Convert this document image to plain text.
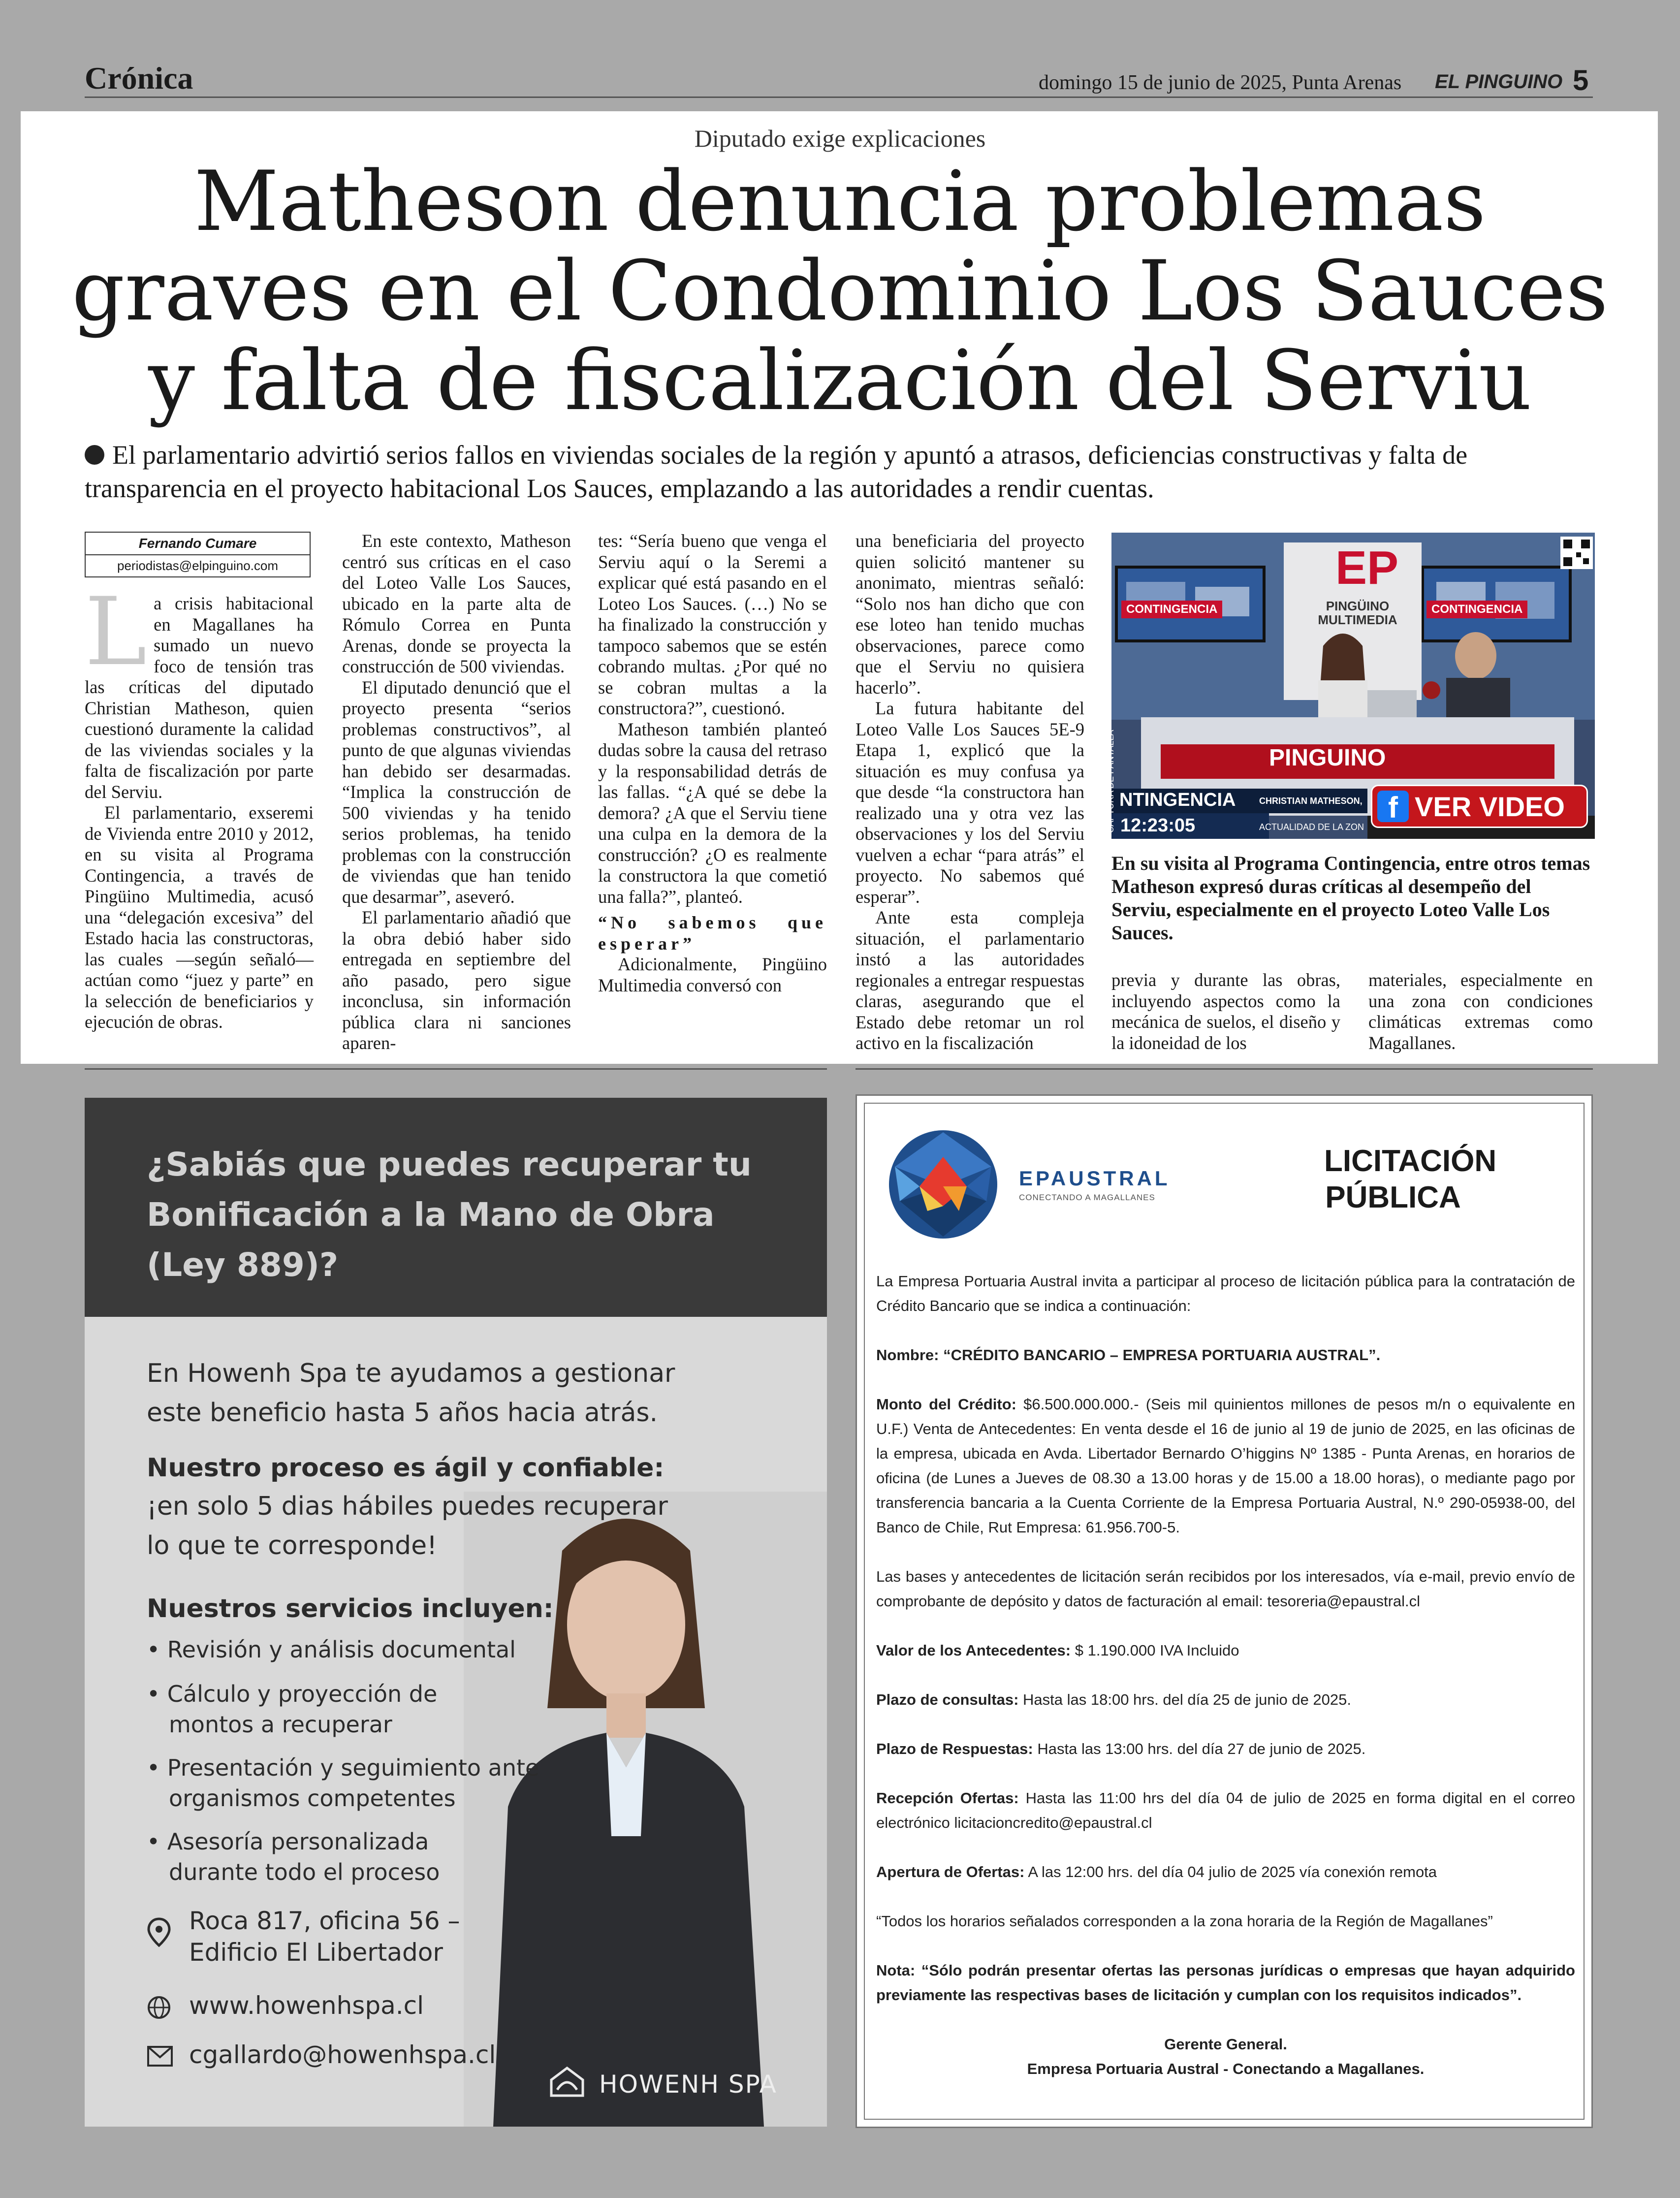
Crónica	domingo 15 de junio de 2025, Punta Arenas EL PINGUINO 5
Diputado exige explicaciones
Matheson denuncia problemas graves en el Condominio Los Sauces y falta de fiscalización del Serviu
El parlamentario advirtió serios fallos en viviendas sociales de la región y apuntó a atrasos, deficiencias constructivas y falta de transparencia en el proyecto habitacional Los Sauces, emplazando a las autoridades a rendir cuentas.
Fernando Cumare
periodistas@elpinguino.com
L a crisis habitacional en Magallanes ha sumado un nuevo foco de tensión tras las críticas del diputado Christian Matheson, quien cuestionó duramente la calidad de las viviendas sociales y la falta de fiscalización por parte del Serviu.

El parlamentario, exseremi de Vivienda entre 2010 y 2012, en su visita al Programa Contingencia, a través de Pingüino Multimedia, acusó una “delegación excesiva” del Estado hacia las constructoras, las cuales —según señaló— actúan como “juez y parte” en la selección de beneficiarios y ejecución de obras.

En este contexto, Matheson centró sus críticas en el caso del Loteo Valle Los Sauces, ubicado en la parte alta de Rómulo Correa en Punta Arenas, donde se proyecta la construcción de 500 viviendas.

El diputado denunció que el proyecto presenta “serios problemas constructivos”, al punto de que algunas viviendas han debido ser desarmadas. “Implica la construcción de 500 viviendas y ha tenido serios problemas, ha tenido problemas con la construcción de viviendas que han tenido que desarmar”, aseveró.

El parlamentario añadió que la obra debió haber sido entregada en septiembre del año pasado, pero sigue inconclusa, sin información pública clara ni sanciones aparen-

tes: “Sería bueno que venga el Serviu aquí o la Seremi a explicar qué está pasando en el Loteo Los Sauces. (…) No se ha finalizado la construcción y tampoco sabemos que se estén cobrando multas. ¿Por qué no se cobran multas a la constructora?”, cuestionó.

Matheson también planteó dudas sobre la causa del retraso y la responsabilidad detrás de las fallas. “¿A qué se debe la demora? ¿A que el Serviu tiene una culpa en la demora de la construcción? ¿O es realmente la constructora la que cometió una falla?”, planteó.

“No sabemos que esperar”

Adicionalmente, Pingüino Multimedia conversó con

una beneficiaria del proyecto quien solicitó mantener su anonimato, mientras señaló: “Solo nos han dicho que con ese loteo han tenido muchas observaciones, parece como que el Serviu no quisiera hacerlo”.

La futura habitante del Loteo Valle Los Sauces 5E-9 Etapa 1, explicó que la situación es muy confusa ya que desde “la constructora han realizado una y otra vez las observaciones y los del Serviu vuelven a echar “para atrás” el proyecto. No sabemos qué esperar”.

Ante esta compleja situación, el parlamentario instó a las autoridades regionales a entregar respuestas claras, asegurando que el Estado debe retomar un rol activo en la fiscalización

previa y durante las obras, incluyendo aspectos como la mecánica de suelos, el diseño y la idoneidad de los

materiales, especialmente en una zona con condiciones climáticas extremas como Magallanes.

EP
PINGÜINO
MULTIMEDIA
CONTINGENCIA	CONTINGENCIA
PINGUINO
NTINGENCIA	CHRISTIAN MATHESON,
12:23:05	ACTUALIDAD DE LA ZON
CAPTURA DE PANTALLA	f VER VIDEO
En su visita al Programa Contingencia, entre otros temas Matheson expresó duras críticas al desempeño del Serviu, especialmente en el proyecto Loteo Valle Los Sauces.
¿Sabiás que puedes recuperar tu Bonificación a la Mano de Obra (Ley 889)?
En Howenh Spa te ayudamos a gestionar
este beneficio hasta 5 años hacia atrás.
Nuestro proceso es ágil y confiable:
¡en solo 5 dias hábiles puedes recuperar
lo que te corresponde!
Nuestros servicios incluyen:
• Revisión y análisis documental
• Cálculo y proyección de montos a recuperar
• Presentación y seguimiento ante organismos competentes
• Asesoría personalizada durante todo el proceso
Roca 817, oficina 56 –
Edificio El Libertador
www.howenhspa.cl
cgallardo@howenhspa.cl
HOWENH SPA
EPAUSTRAL
CONECTANDO A MAGALLANES
LICITACIÓN
PÚBLICA

La Empresa Portuaria Austral invita a participar al proceso de licitación pública para la contratación de Crédito Bancario que se indica a continuación:

Nombre: “CRÉDITO BANCARIO – EMPRESA PORTUARIA AUSTRAL”.

Monto del Crédito: $6.500.000.000.- (Seis mil quinientos millones de pesos m/n o equivalente en U.F.) Venta de Antecedentes: En venta desde el 16 de junio al 19 de junio de 2025, en las oficinas de la empresa, ubicada en Avda. Libertador Bernardo O’higgins Nº 1385 - Punta Arenas, en horarios de oficina (de Lunes a Jueves de 08.30 a 13.00 horas y de 15.00 a 18.00 horas), o mediante pago por transferencia bancaria a la Cuenta Corriente de la Empresa Portuaria Austral, N.º 290-05938-00, del Banco de Chile, Rut Empresa: 61.956.700-5.

Las bases y antecedentes de licitación serán recibidos por los interesados, vía e-mail, previo envío de comprobante de depósito y datos de facturación al email: tesoreria@epaustral.cl

Valor de los Antecedentes: $ 1.190.000 IVA Incluido

Plazo de consultas: Hasta las 18:00 hrs. del día 25 de junio de 2025.

Plazo de Respuestas: Hasta las 13:00 hrs. del día 27 de junio de 2025.

Recepción Ofertas: Hasta las 11:00 hrs del día 04 de julio de 2025 en forma digital en el correo electrónico licitacioncredito@epaustral.cl

Apertura de Ofertas: A las 12:00 hrs. del día 04 julio de 2025 vía conexión remota

“Todos los horarios señalados corresponden a la zona horaria de la Región de Magallanes”

Nota: “Sólo podrán presentar ofertas las personas jurídicas o empresas que hayan adquirido previamente las respectivas bases de licitación y cumplan con los requisitos indicados”.

Gerente General.
Empresa Portuaria Austral - Conectando a Magallanes.
